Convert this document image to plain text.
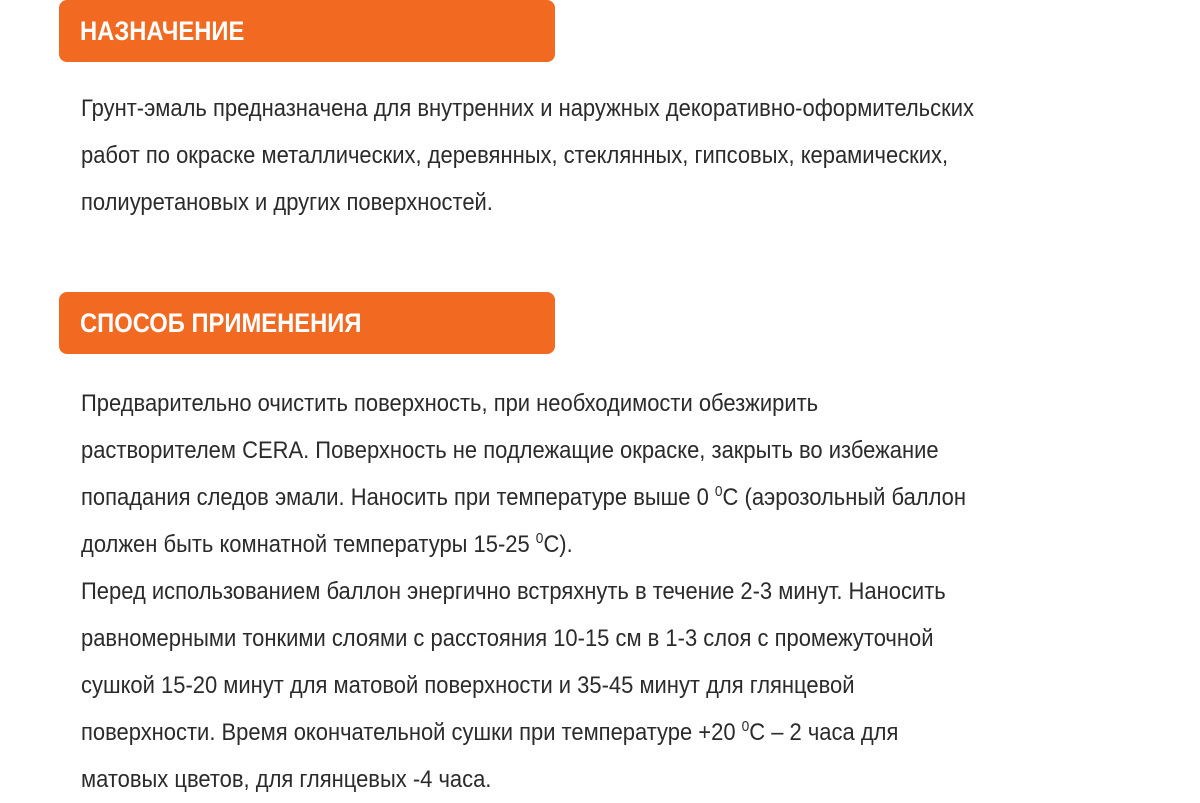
НАЗНАЧЕНИЕ
Грунт-эмаль предназначена для внутренних и наружных декоративно-оформительских
работ по окраске металлических, деревянных, стеклянных, гипсовых, керамических,
полиуретановых и других поверхностей.
СПОСОБ ПРИМЕНЕНИЯ
Предварительно очистить поверхность, при необходимости обезжирить
растворителем CERA. Поверхность не подлежащие окраске, закрыть во избежание
попадания следов эмали. Наносить при температуре выше 0 $^0$С (аэрозольный баллон
должен быть комнатной температуры 15-25 $^0$С).
Перед использованием баллон энергично встряхнуть в течение 2-3 минут. Наносить
равномерными тонкими слоями с расстояния 10-15 см в 1-3 слоя с промежуточной
сушкой 15-20 минут для матовой поверхности и 35-45 минут для глянцевой
поверхности. Время окончательной сушки при температуре +20 $^0$С – 2 часа для
матовых цветов, для глянцевых -4 часа.
